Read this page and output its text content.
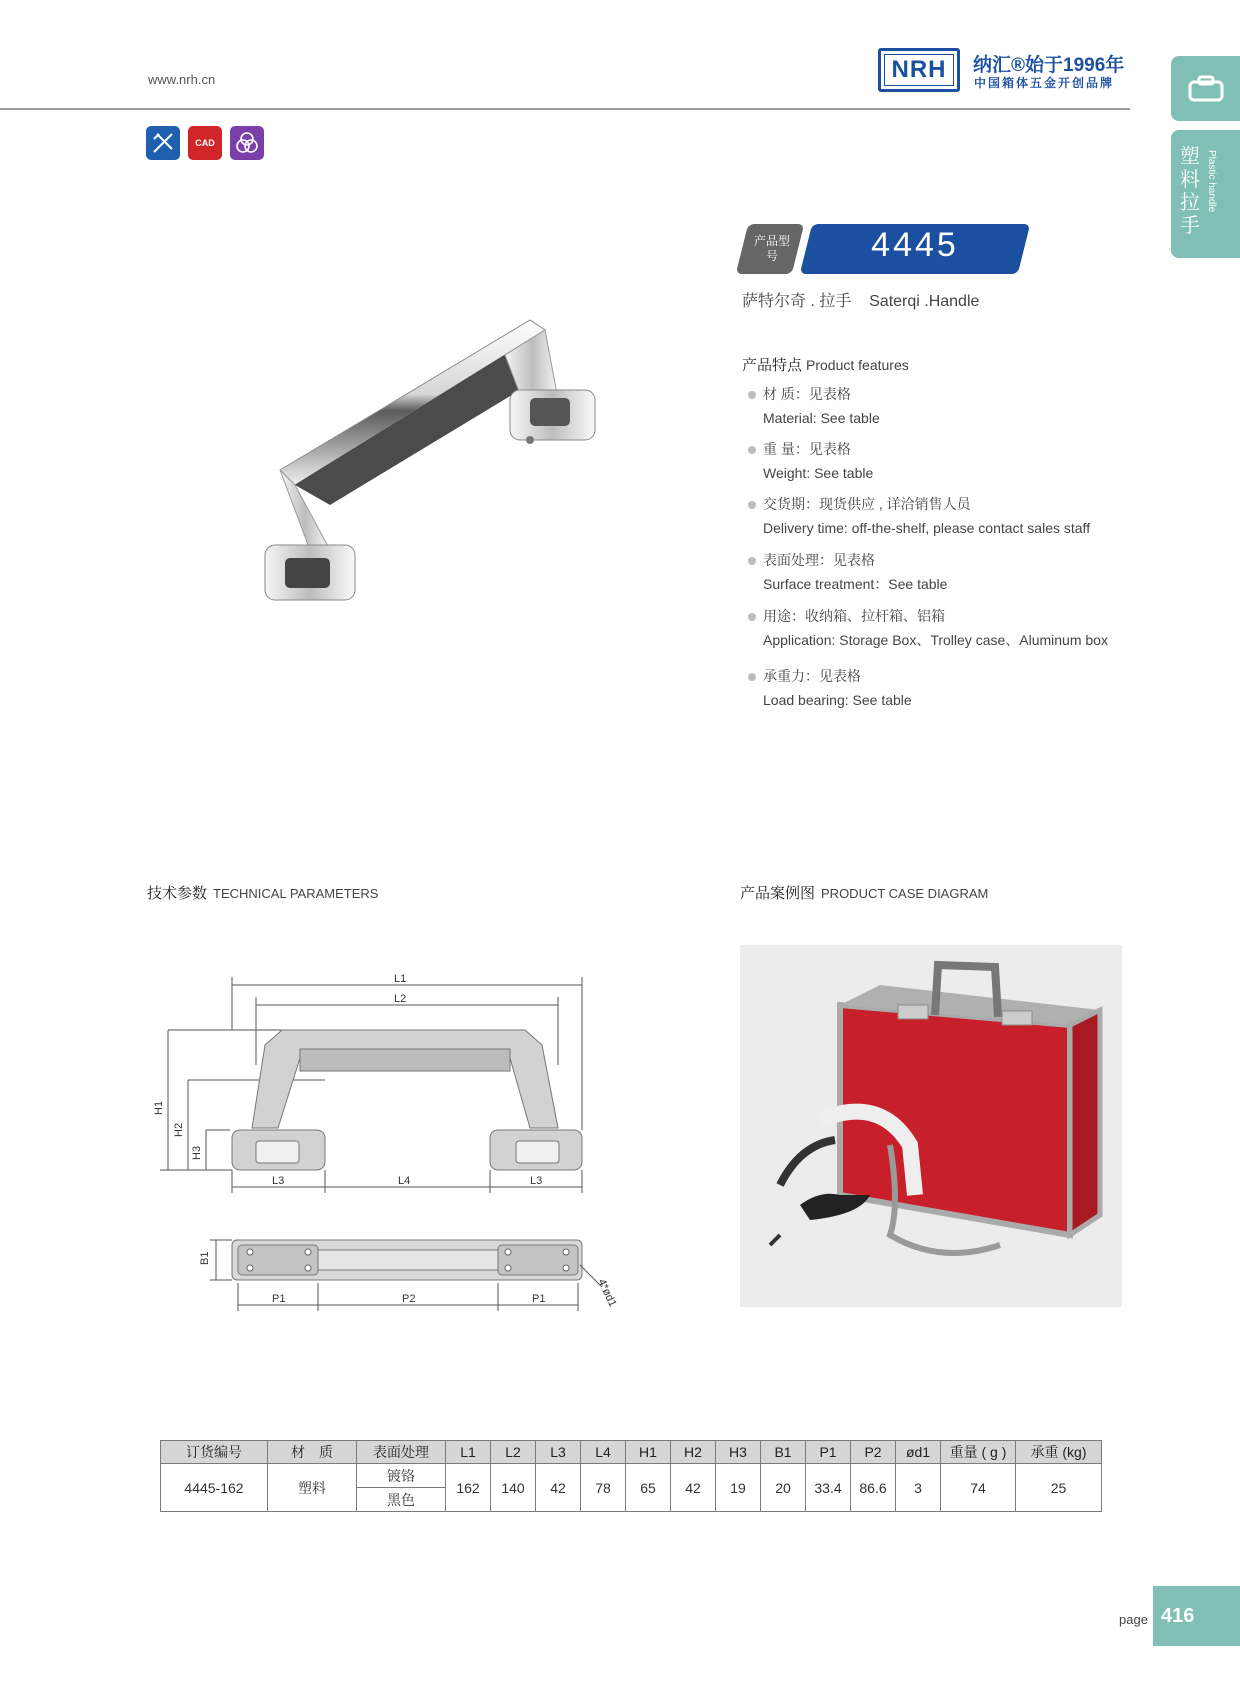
www.nrh.cn	NRH	纳汇®始于1996年
中国箱体五金开创品牌
塑料拉手
Plastic handle
CAD
产品型号	4445
萨特尔奇 . 拉手    Saterqi .Handle
产品特点 Product features
材 质：见表格
Material: See table
重 量：见表格
Weight: See table
交货期：现货供应 , 详洽销售人员
Delivery time: off-the-shelf, please contact sales staff
表面处理：见表格
Surface treatment：See table
用途：收纳箱、拉杆箱、铝箱
Application: Storage Box、Trolley case、Aluminum box
承重力：见表格
Load bearing: See table
技术参数 TECHNICAL PARAMETERS	产品案例图 PRODUCT CASE DIAGRAM
L1
L2
L3	L4	L3
H1
H2
H3
B1
P1	P2	P1	4*ød1
订货编号	材　质	表面处理	L1	L2	L3	L4	H1	H2	H3	B1	P1	P2	ød1	重量 ( g )	承重 (kg)
4445-162	塑料	镀铬	162	140	42	78	65	42	19	20	33.4	86.6	3	74	25
		黑色													
page 416
